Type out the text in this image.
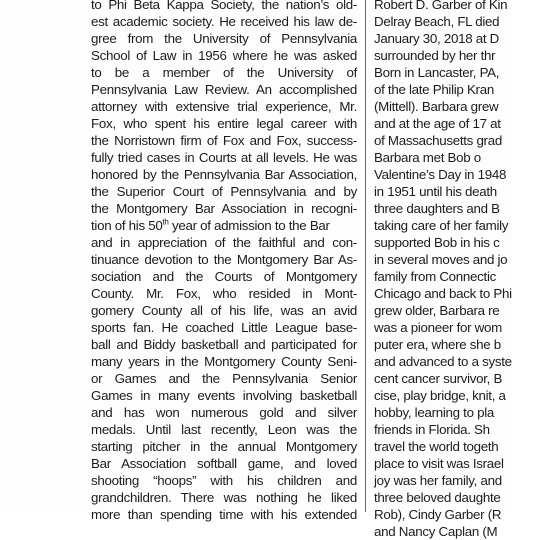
to Phi Beta Kappa Society, the nation’s old-
est academic society. He received his law de-
gree from the University of Pennsylvania
School of Law in 1956 where he was asked
to be a member of the University of
Pennsylvania Law Review. An accomplished
attorney with extensive trial experience, Mr.
Fox, who spent his entire legal career with
the Norristown firm of Fox and Fox, success-
fully tried cases in Courts at all levels. He was
honored by the Pennsylvania Bar Association,
the Superior Court of Pennsylvania and by
the Montgomery Bar Association in recogni-
tion of his 50th year of admission to the Bar
and in appreciation of the faithful and con-
tinuance devotion to the Montgomery Bar As-
sociation and the Courts of Montgomery
County. Mr. Fox, who resided in Mont-
gomery County all of his life, was an avid
sports fan. He coached Little League base-
ball and Biddy basketball and participated for
many years in the Montgomery County Seni-
or Games and the Pennsylvania Senior
Games in many events involving basketball
and has won numerous gold and silver
medals. Until last recently, Leon was the
starting pitcher in the annual Montgomery
Bar Association softball game, and loved
shooting “hoops” with his children and
grandchildren. There was nothing he liked
more than spending time with his extended
Robert D. Garber of Kin
Delray Beach, FL died
January 30, 2018 at D
surrounded by her thr
Born in Lancaster, PA,
of the late Philip Kran
(Mittell). Barbara grew
and at the age of 17 at
of Massachusetts grad
Barbara met Bob o
Valentine’s Day in 1948
in 1951 until his death
three daughters and B
taking care of her family
supported Bob in his c
in several moves and jo
family from Connectic
Chicago and back to Phi
grew older, Barbara re
was a pioneer for wom
puter era, where she b
and advanced to a syste
cent cancer survivor, B
cise, play bridge, knit, a
hobby, learning to pla
friends in Florida. Sh
travel the world togeth
place to visit was Israel
joy was her family, and
three beloved daughte
Rob), Cindy Garber (R
and Nancy Caplan (M
